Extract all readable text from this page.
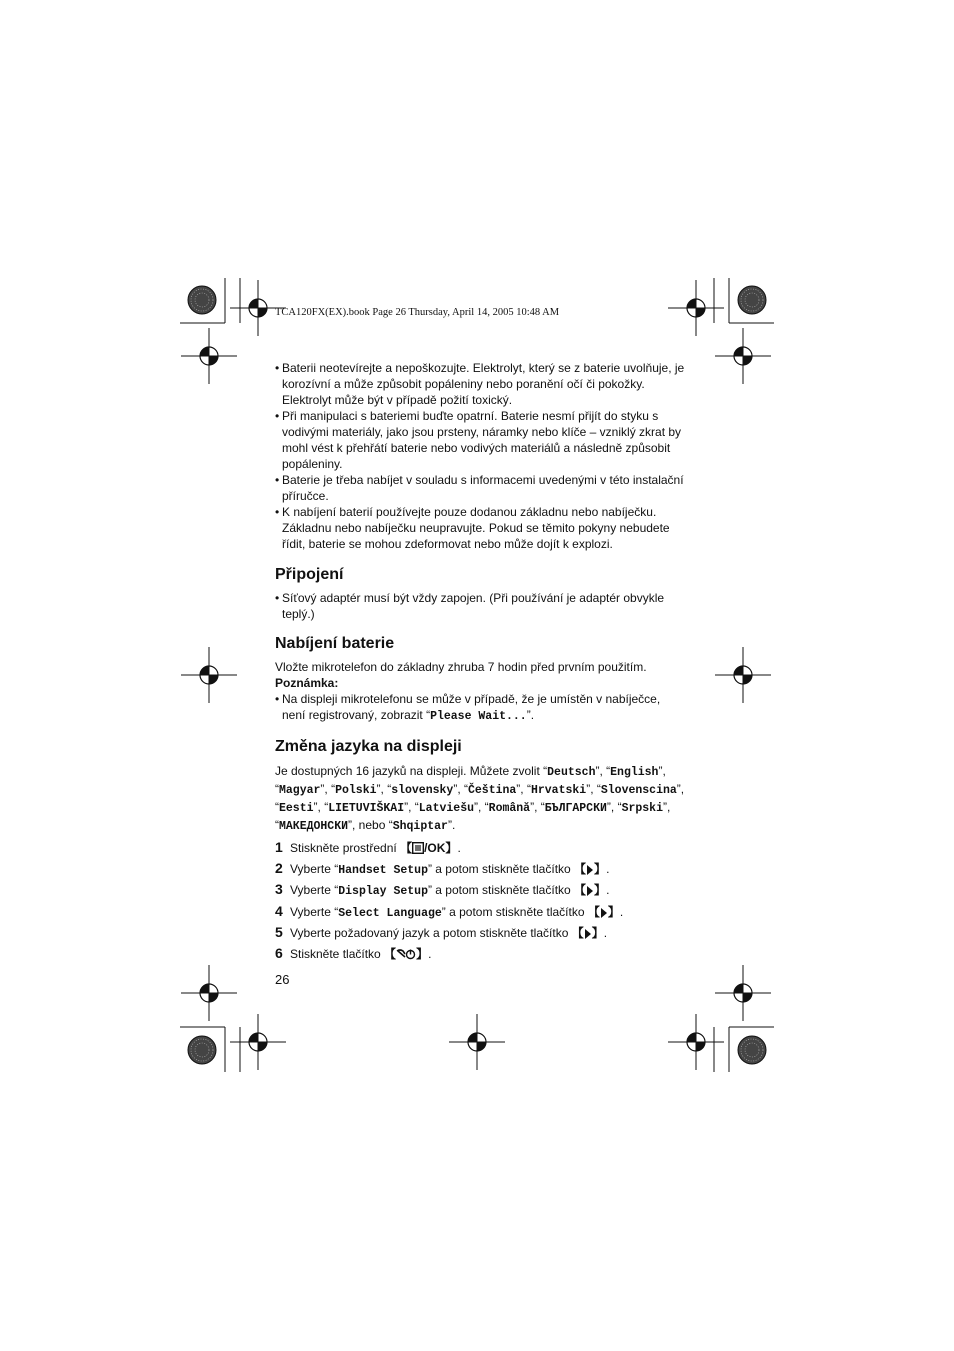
TCA120FX(EX).book Page 26 Thursday, April 14, 2005 10:48 AM
• Baterii neotevírejte a nepoškozujte. Elektrolyt, který se z baterie uvolňuje, je korozívní a může způsobit popáleniny nebo poranění očí či pokožky. Elektrolyt může být v případě požití toxický.
• Při manipulaci s bateriemi buďte opatrní. Baterie nesmí přijít do styku s vodivými materiály, jako jsou prsteny, náramky nebo klíče – vzniklý zkrat by mohl vést k přehřátí baterie nebo vodivých materiálů a následně způsobit popáleniny.
• Baterie je třeba nabíjet v souladu s informacemi uvedenými v této instalační příručce.
• K nabíjení baterií používejte pouze dodanou základnu nebo nabíječku. Základnu nebo nabíječku neupravujte. Pokud se těmito pokyny nebudete řídit, baterie se mohou zdeformovat nebo může dojít k explozi.
Připojení
• Síťový adaptér musí být vždy zapojen. (Při používání je adaptér obvykle teplý.)
Nabíjení baterie

Vložte mikrotelefon do základny zhruba 7 hodin před prvním použitím.

Poznámka:

• Na displeji mikrotelefonu se může v případě, že je umístěn v nabíječce, není registrovaný, zobrazit “Please Wait...”.
Změna jazyka na displeji

Je dostupných 16 jazyků na displeji. Můžete zvolit “Deutsch”, “English”, “Magyar”, “Polski”, “slovensky”, “Čeština”, “Hrvatski”, “Slovenscina”, “Eesti”, “LIETUVIŠKAI”, “Latviešu”, “Română”, “БЪЛГАРСКИ”, “Srpski”, “МАКЕДОНСКИ”, nebo “Shqiptar”.

1 Stiskněte prostřední 【 /OK】.
2 Vyberte “Handset Setup” a potom stiskněte tlačítko 【 】.
3 Vyberte “Display Setup” a potom stiskněte tlačítko 【 】.
4 Vyberte “Select Language” a potom stiskněte tlačítko 【 】.
5 Vyberte požadovaný jazyk a potom stiskněte tlačítko 【 】.
6 Stiskněte tlačítko 【 】.
26
